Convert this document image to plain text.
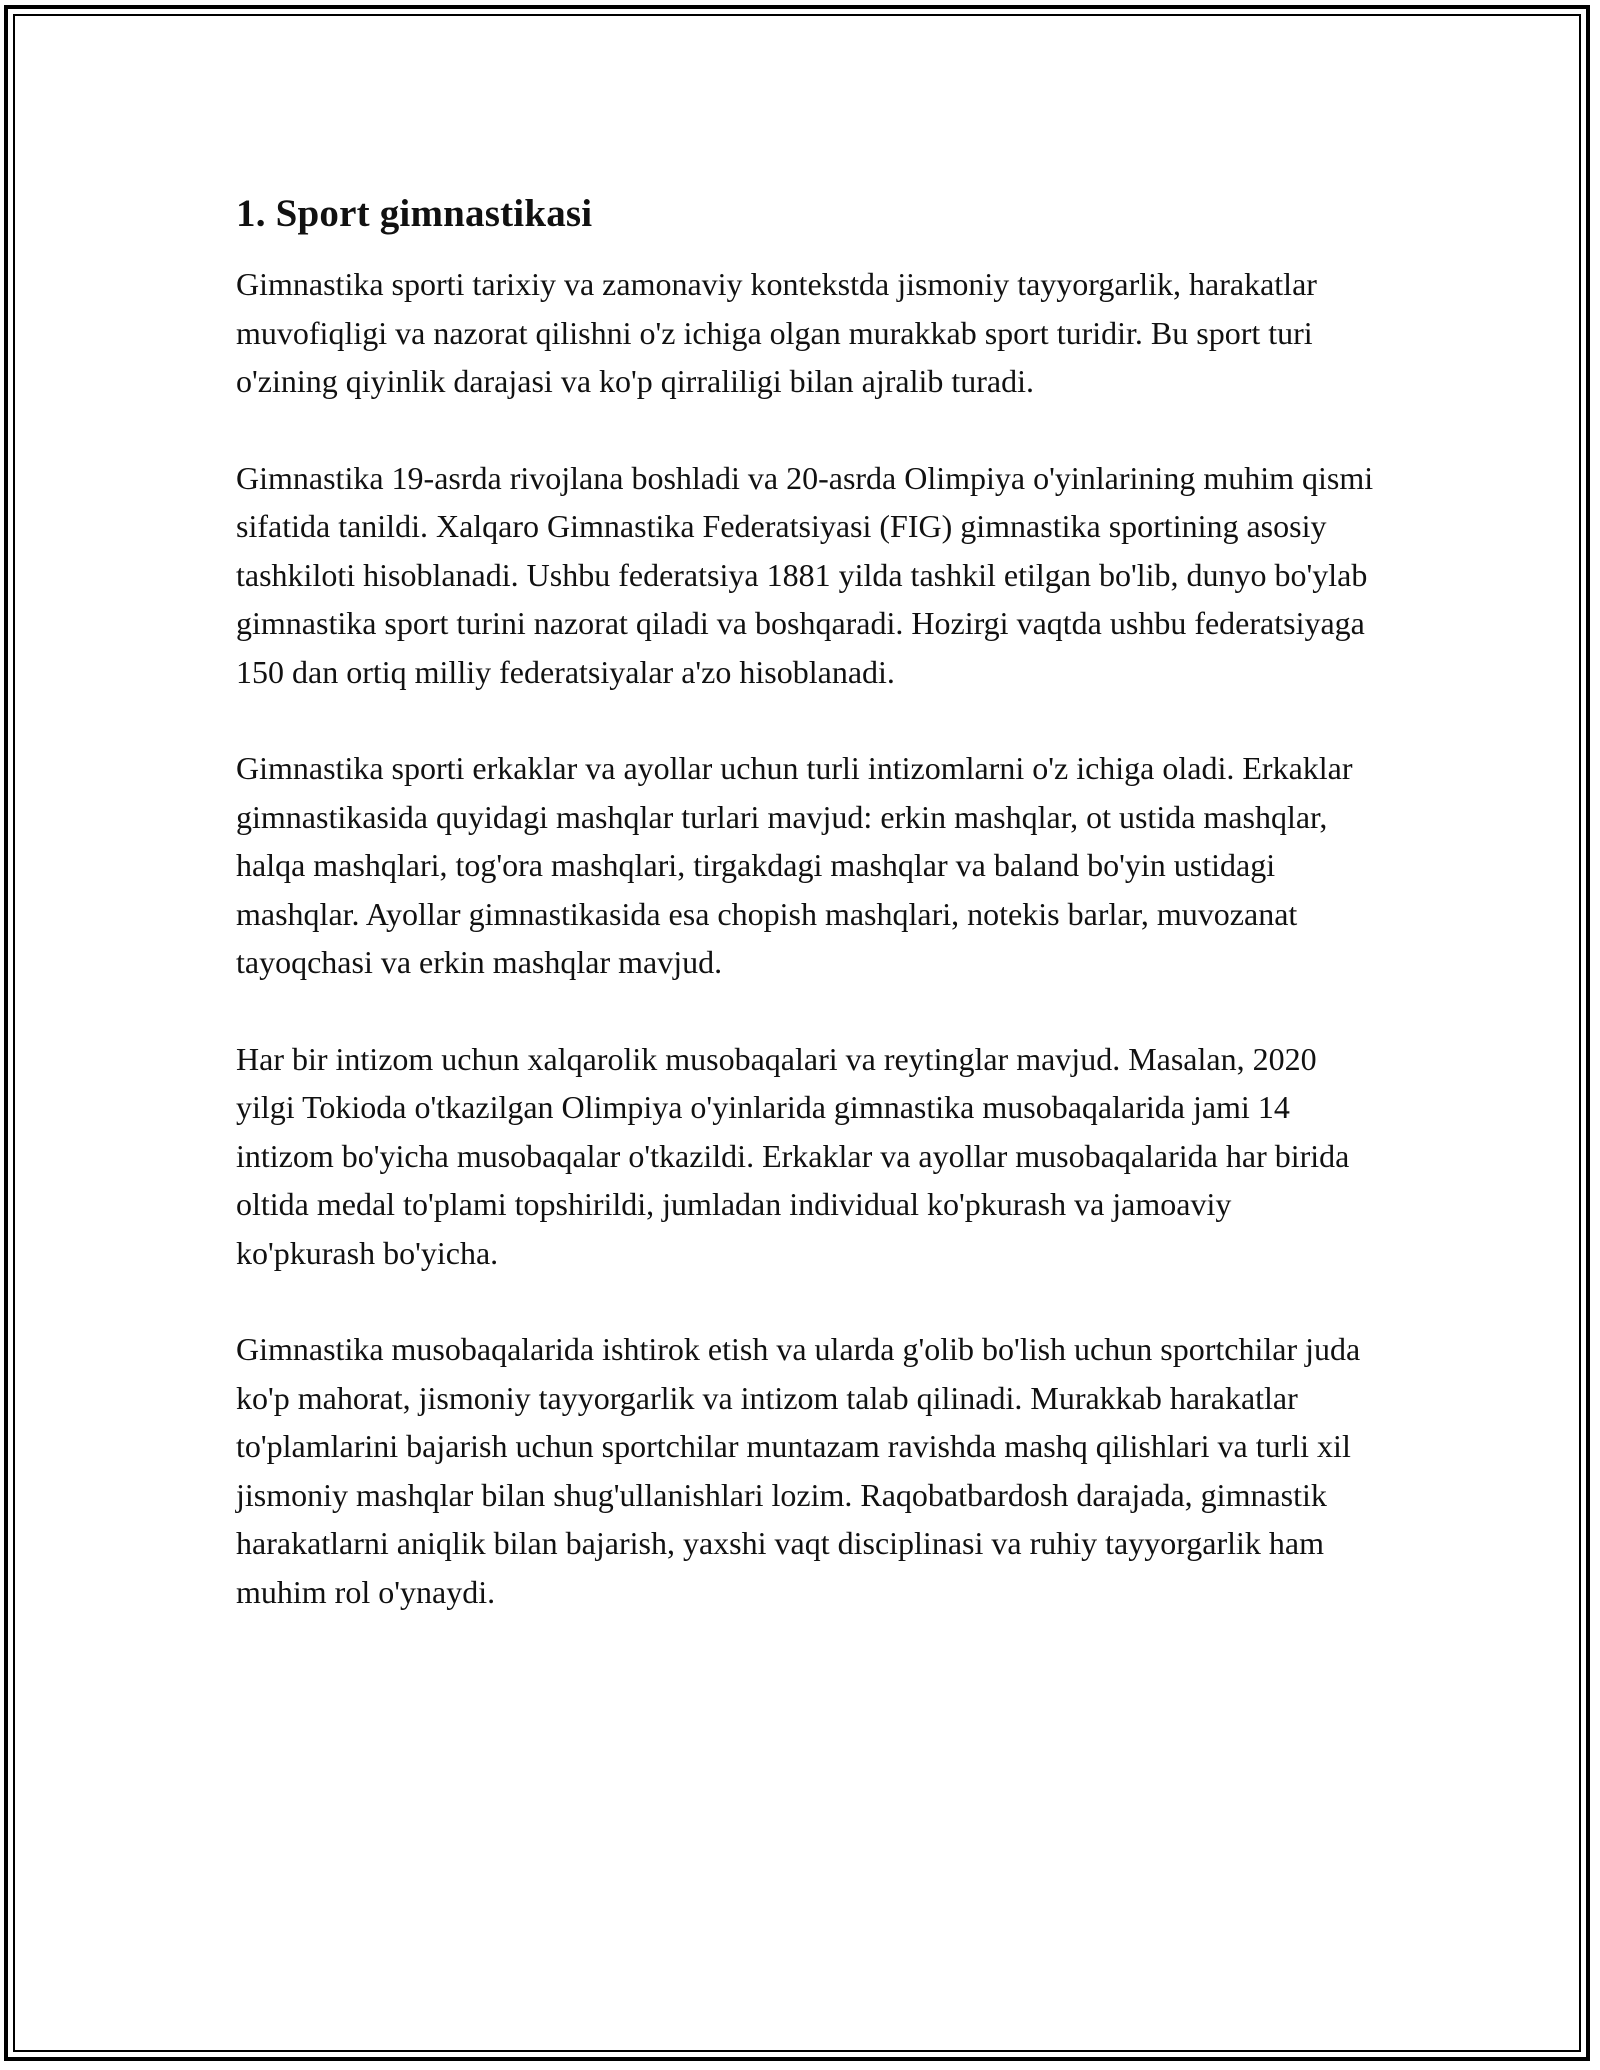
1. Sport gimnastikasi

Gimnastika sporti tarixiy va zamonaviy kontekstda jismoniy tayyorgarlik, harakatlar muvofiqligi va nazorat qilishni o'z ichiga olgan murakkab sport turidir. Bu sport turi o'zining qiyinlik darajasi va ko'p qirraliligi bilan ajralib turadi.

Gimnastika 19-asrda rivojlana boshladi va 20-asrda Olimpiya o'yinlarining muhim qismi sifatida tanildi. Xalqaro Gimnastika Federatsiyasi (FIG) gimnastika sportining asosiy tashkiloti hisoblanadi. Ushbu federatsiya 1881 yilda tashkil etilgan bo'lib, dunyo bo'ylab gimnastika sport turini nazorat qiladi va boshqaradi. Hozirgi vaqtda ushbu federatsiyaga 150 dan ortiq milliy federatsiyalar a'zo hisoblanadi.

Gimnastika sporti erkaklar va ayollar uchun turli intizomlarni o'z ichiga oladi. Erkaklar gimnastikasida quyidagi mashqlar turlari mavjud: erkin mashqlar, ot ustida mashqlar, halqa mashqlari, tog'ora mashqlari, tirgakdagi mashqlar va baland bo'yin ustidagi mashqlar. Ayollar gimnastikasida esa chopish mashqlari, notekis barlar, muvozanat tayoqchasi va erkin mashqlar mavjud.

Har bir intizom uchun xalqarolik musobaqalari va reytinglar mavjud. Masalan, 2020 yilgi Tokioda o'tkazilgan Olimpiya o'yinlarida gimnastika musobaqalarida jami 14 intizom bo'yicha musobaqalar o'tkazildi. Erkaklar va ayollar musobaqalarida har birida oltida medal to'plami topshirildi, jumladan individual ko'pkurash va jamoaviy ko'pkurash bo'yicha.

Gimnastika musobaqalarida ishtirok etish va ularda g'olib bo'lish uchun sportchilar juda ko'p mahorat, jismoniy tayyorgarlik va intizom talab qilinadi. Murakkab harakatlar to'plamlarini bajarish uchun sportchilar muntazam ravishda mashq qilishlari va turli xil jismoniy mashqlar bilan shug'ullanishlari lozim. Raqobatbardosh darajada, gimnastik harakatlarni aniqlik bilan bajarish, yaxshi vaqt disciplinasi va ruhiy tayyorgarlik ham muhim rol o'ynaydi.
